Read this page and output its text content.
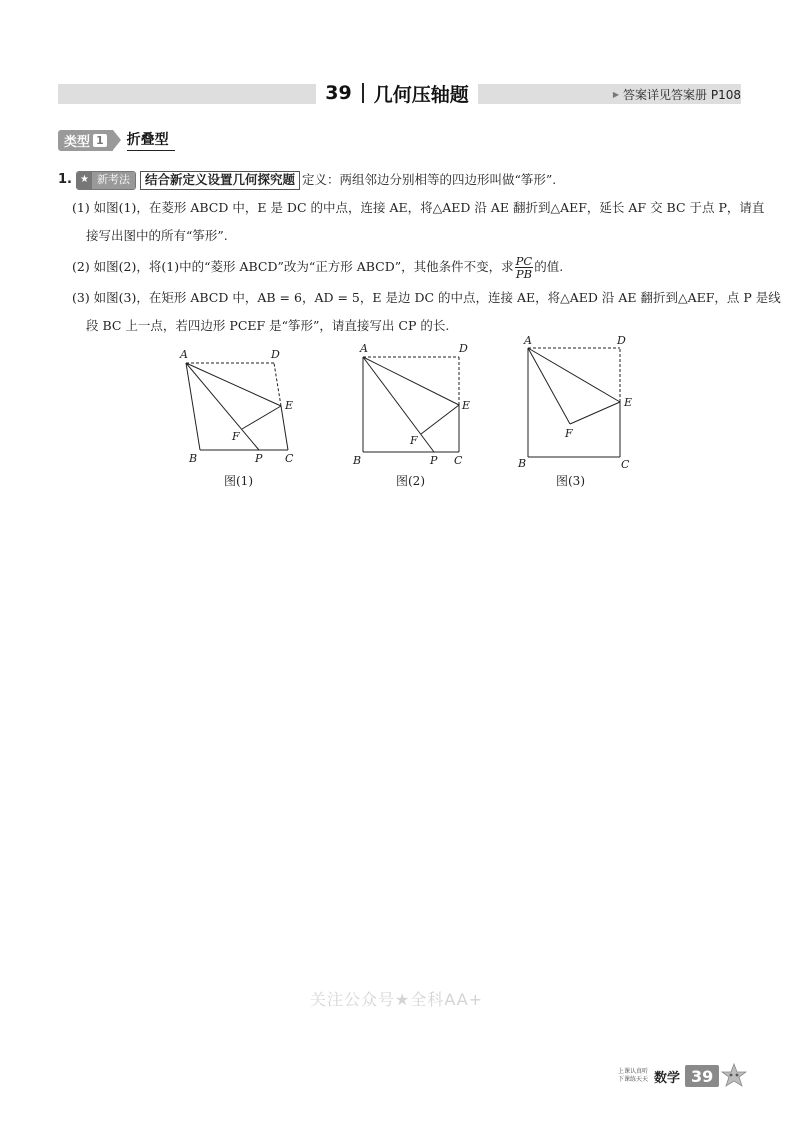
39 几何压轴题	▶ 答案详见答案册 P108
类型 1 折叠型
1. ★ 新考法	结合新定义设置几何探究题 定义：两组邻边分别相等的四边形叫做“筝形”.
(1) 如图(1)，在菱形 ABCD 中，E 是 DC 的中点，连接 AE，将△AED 沿 AE 翻折到△AEF，延长 AF 交 BC 于点 P，请直
接写出图中的所有“筝形”.
(2) 如图(2)，将(1)中的“菱形 ABCD”改为“正方形 ABCD”，其他条件不变，求 $\frac{PC}{PB}$ 的值.
(3) 如图(3)，在矩形 ABCD 中，AB = 6，AD = 5，E 是边 DC 的中点，连接 AE，将△AED 沿 AE 翻折到△AEF，点 P 是线
段 BC 上一点，若四边形 PCEF 是“筝形”，请直接写出 CP 的长.
A	D
E
F
B	P C
图(1)
A	D
E
F
B	P C
图(2)
A	D
E
F
B	C
图(3)
关注公众号★全科AA+
上课认真听
下课练天天 数学 39
